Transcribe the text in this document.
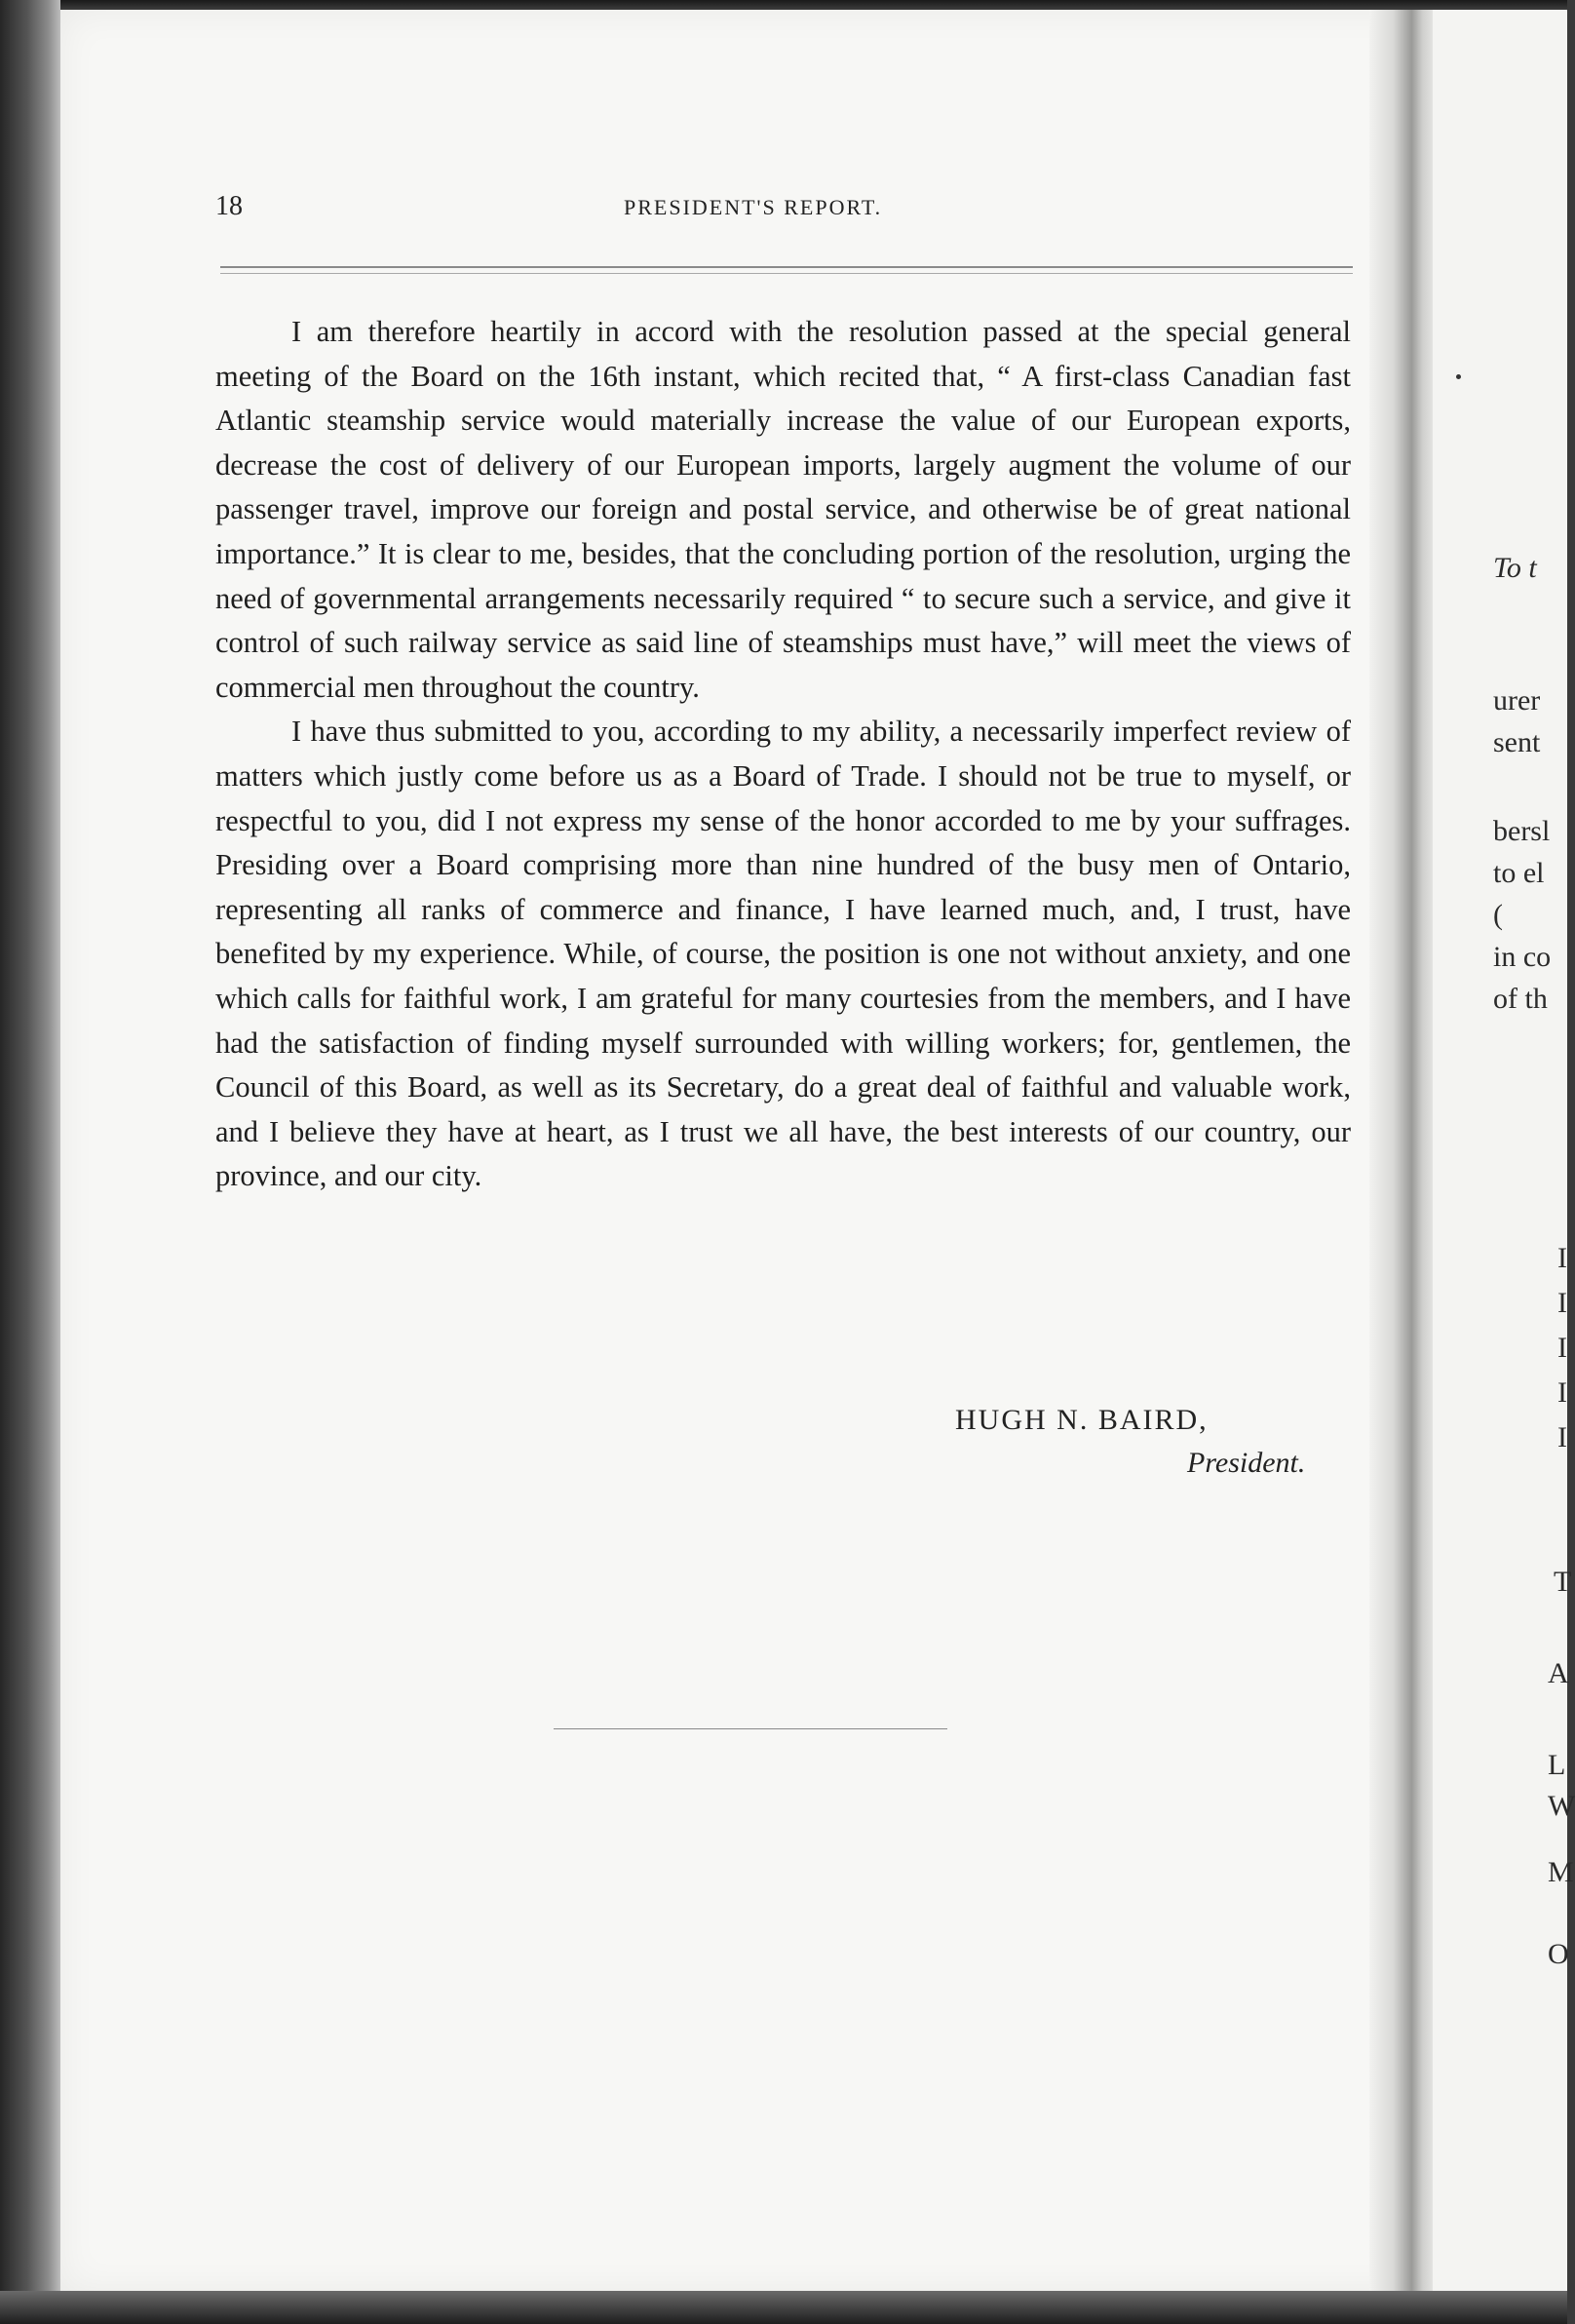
To t
urer
sent
bersl
to el
(
in co
of th
I
I
I
I
I
T
A
L
W
M
O
18	PRESIDENT'S REPORT.

I am therefore heartily in accord with the resolution passed at the special general meeting of the Board on the 16th instant, which recited that, “ A first-class Canadian fast Atlantic steamship service would materially increase the value of our European exports, decrease the cost of delivery of our European imports, largely augment the volume of our passenger travel, improve our foreign and postal service, and otherwise be of great national importance.” It is clear to me, besides, that the concluding portion of the resolution, urging the need of governmental arrangements necessarily required “ to secure such a service, and give it control of such railway service as said line of steamships must have,” will meet the views of commercial men throughout the country.

I have thus submitted to you, according to my ability, a necessarily imperfect review of matters which justly come before us as a Board of Trade. I should not be true to myself, or respectful to you, did I not express my sense of the honor accorded to me by your suffrages. Presiding over a Board comprising more than nine hundred of the busy men of Ontario, representing all ranks of commerce and finance, I have learned much, and, I trust, have benefited by my experience. While, of course, the position is one not without anxiety, and one which calls for faithful work, I am grateful for many courtesies from the members, and I have had the satisfaction of finding myself surrounded with willing workers; for, gentlemen, the Council of this Board, as well as its Secretary, do a great deal of faithful and valuable work, and I believe they have at heart, as I trust we all have, the best interests of our country, our province, and our city.

HUGH N. BAIRD,
President.
